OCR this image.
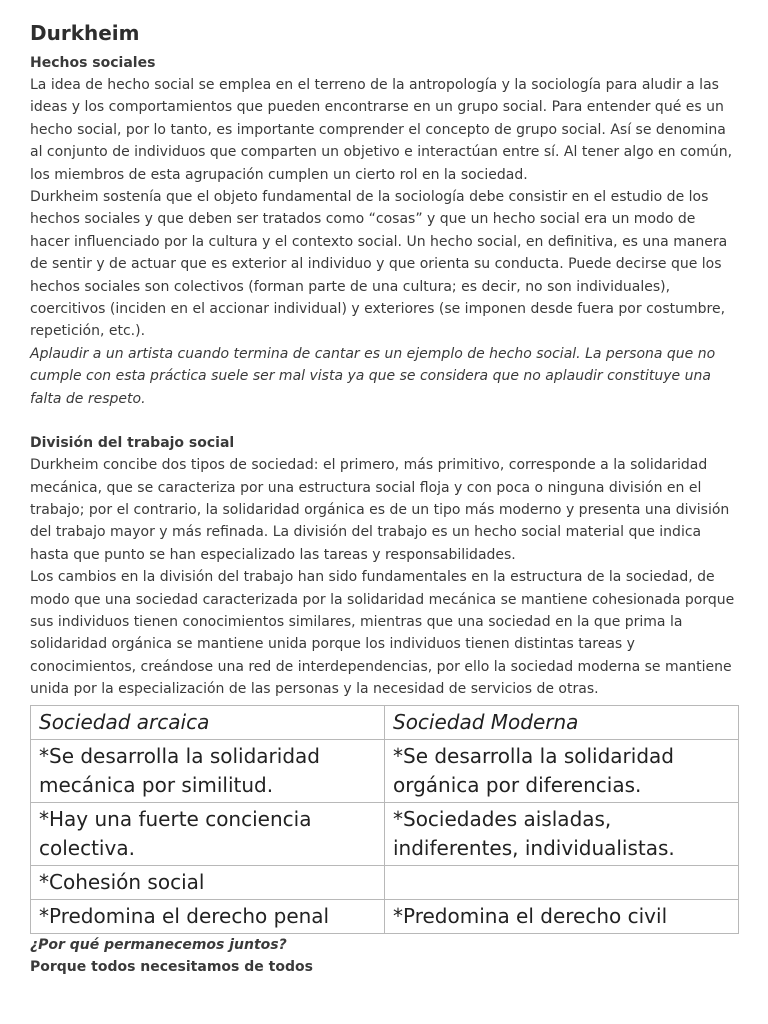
Durkheim
Hechos sociales

La idea de hecho social se emplea en el terreno de la antropología y la sociología para aludir a las ideas y los comportamientos que pueden encontrarse en un grupo social. Para entender qué es un hecho social, por lo tanto, es importante comprender el concepto de grupo social. Así se denomina al conjunto de individuos que comparten un objetivo e interactúan entre sí. Al tener algo en común, los miembros de esta agrupación cumplen un cierto rol en la sociedad.

Durkheim sostenía que el objeto fundamental de la sociología debe consistir en el estudio de los hechos sociales y que deben ser tratados como “cosas” y que un hecho social era un modo de hacer influenciado por la cultura y el contexto social. Un hecho social, en definitiva, es una manera de sentir y de actuar que es exterior al individuo y que orienta su conducta. Puede decirse que los hechos sociales son colectivos (forman parte de una cultura; es decir, no son individuales), coercitivos (inciden en el accionar individual) y exteriores (se imponen desde fuera por costumbre, repetición, etc.).

Aplaudir a un artista cuando termina de cantar es un ejemplo de hecho social. La persona que no cumple con esta práctica suele ser mal vista ya que se considera que no aplaudir constituye una falta de respeto.

División del trabajo social

Durkheim concibe dos tipos de sociedad: el primero, más primitivo, corresponde a la solidaridad mecánica, que se caracteriza por una estructura social floja y con poca o ninguna división en el trabajo; por el contrario, la solidaridad orgánica es de un tipo más moderno y presenta una división del trabajo mayor y más refinada. La división del trabajo es un hecho social material que indica hasta que punto se han especializado las tareas y responsabilidades.

Los cambios en la división del trabajo han sido fundamentales en la estructura de la sociedad, de modo que una sociedad caracterizada por la solidaridad mecánica se mantiene cohesionada porque sus individuos tienen conocimientos similares, mientras que una sociedad en la que prima la solidaridad orgánica se mantiene unida porque los individuos tienen distintas tareas y conocimientos, creándose una red de interdependencias, por ello la sociedad moderna se mantiene unida por la especialización de las personas y la necesidad de servicios de otras.

Sociedad arcaica	Sociedad Moderna
*Se desarrolla la solidaridad mecánica por similitud.	*Se desarrolla la solidaridad orgánica por diferencias.
*Hay una fuerte conciencia colectiva.	*Sociedades aisladas, indiferentes, individualistas.
*Cohesión social	
*Predomina el derecho penal	*Predomina el derecho civil
¿Por qué permanecemos juntos?
Porque todos necesitamos de todos
